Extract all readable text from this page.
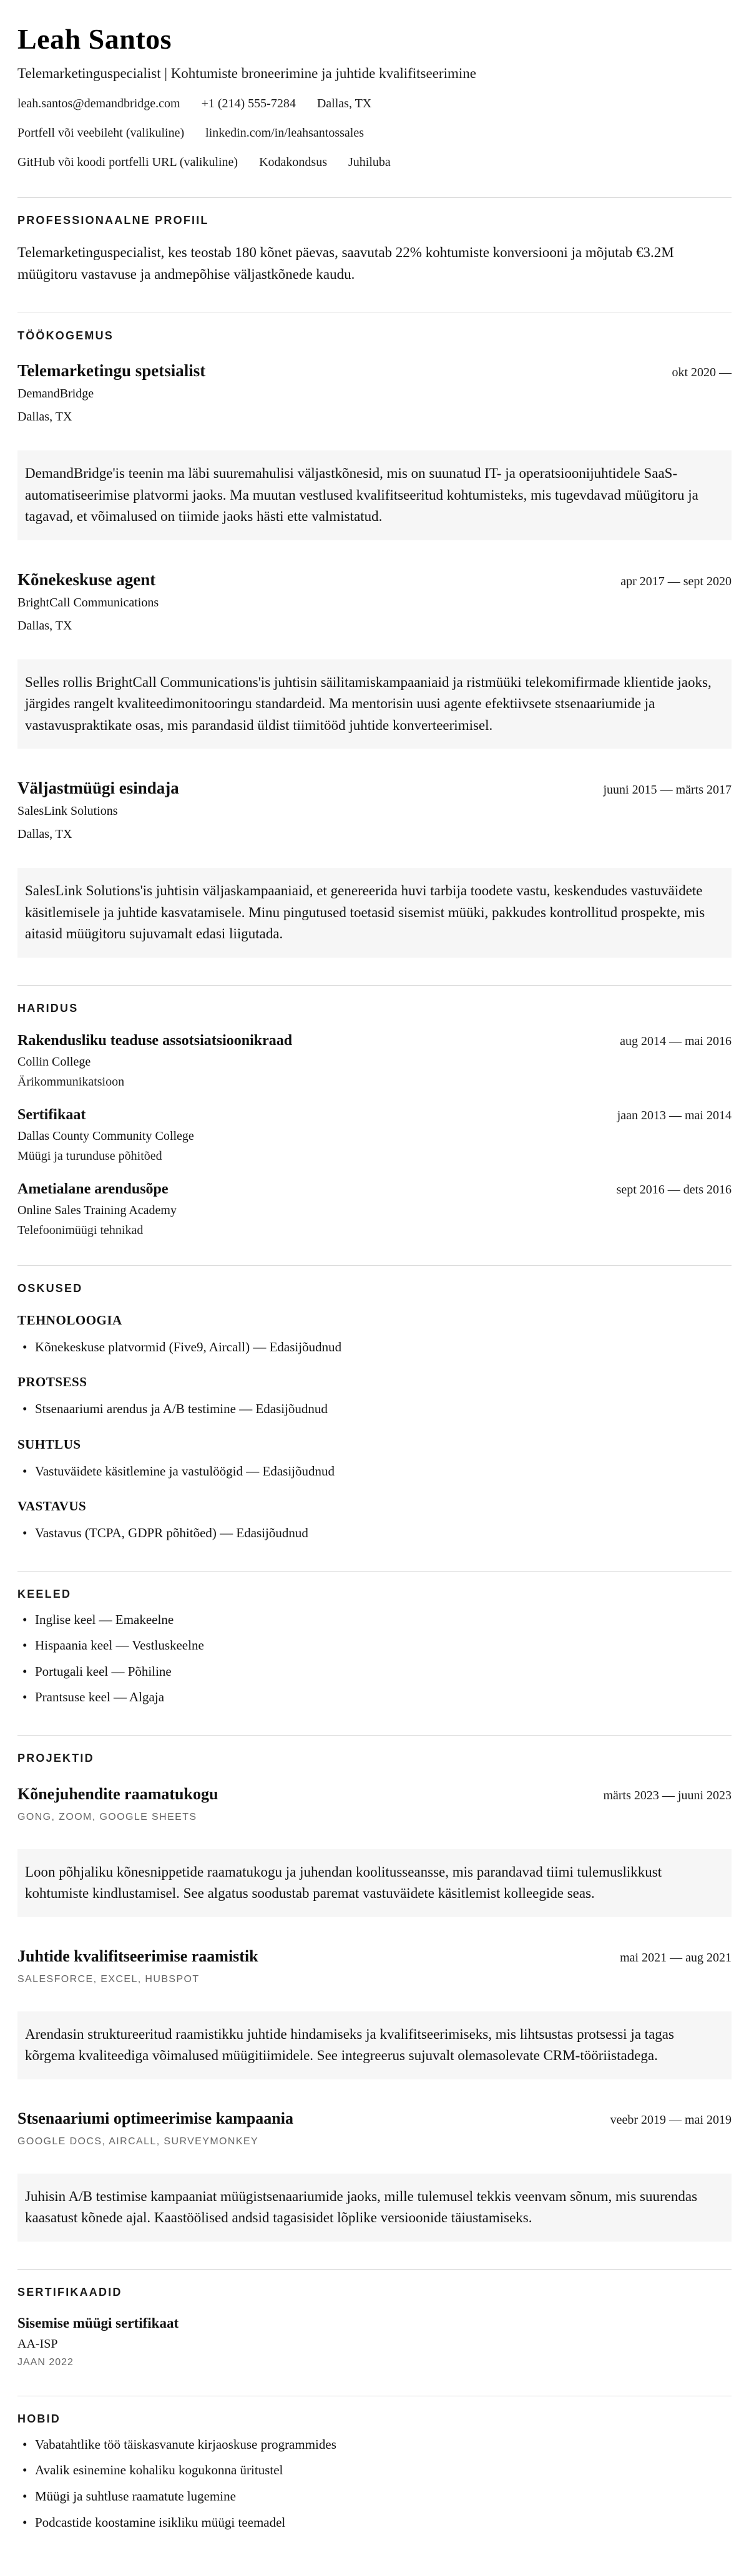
Leah Santos
Telemarketinguspecialist | Kohtumiste broneerimine ja juhtide kvalifitseerimine
leah.santos@demandbridge.com +1 (214) 555-7284 Dallas, TX
Portfell või veebileht (valikuline) linkedin.com/in/leahsantossales
GitHub või koodi portfelli URL (valikuline) Kodakondsus Juhiluba
PROFESSIONAALNE PROFIIL

Telemarketinguspecialist, kes teostab 180 kõnet päevas, saavutab 22% kohtumiste konversiooni ja mõjutab €3.2M müügitoru vastavuse ja andmepõhise väljastkõnede kaudu.

TÖÖKOGEMUS
Telemarketingu spetsialist	okt 2020 —
DemandBridge
Dallas, TX

DemandBridge'is teenin ma läbi suuremahulisi väljastkõnesid, mis on suunatud IT- ja operatsioonijuhtidele SaaS-automatiseerimise platvormi jaoks. Ma muutan vestlused kvalifitseeritud kohtumisteks, mis tugevdavad müügitoru ja tagavad, et võimalused on tiimide jaoks hästi ette valmistatud.

Kõnekeskuse agent	apr 2017 — sept 2020
BrightCall Communications
Dallas, TX

Selles rollis BrightCall Communications'is juhtisin säilitamiskampaaniaid ja ristmüüki telekomifirmade klientide jaoks, järgides rangelt kvaliteedimonitooringu standardeid. Ma mentorisin uusi agente efektiivsete stsenaariumide ja vastavuspraktikate osas, mis parandasid üldist tiimitööd juhtide konverteerimisel.

Väljastmüügi esindaja	juuni 2015 — märts 2017
SalesLink Solutions
Dallas, TX

SalesLink Solutions'is juhtisin väljaskampaaniaid, et genereerida huvi tarbija toodete vastu, keskendudes vastuväidete käsitlemisele ja juhtide kasvatamisele. Minu pingutused toetasid sisemist müüki, pakkudes kontrollitud prospekte, mis aitasid müügitoru sujuvamalt edasi liigutada.

HARIDUS
Rakendusliku teaduse assotsiatsioonikraad	aug 2014 — mai 2016
Collin College
Ärikommunikatsioon
Sertifikaat	jaan 2013 — mai 2014
Dallas County Community College
Müügi ja turunduse põhitõed
Ametialane arendusõpe	sept 2016 — dets 2016
Online Sales Training Academy
Telefoonimüügi tehnikad
OSKUSED
TEHNOLOOGIA
• Kõnekeskuse platvormid (Five9, Aircall) — Edasijõudnud
PROTSESS
• Stsenaariumi arendus ja A/B testimine — Edasijõudnud
SUHTLUS
• Vastuväidete käsitlemine ja vastulöögid — Edasijõudnud
VASTAVUS
• Vastavus (TCPA, GDPR põhitõed) — Edasijõudnud
KEELED
• Inglise keel — Emakeelne
• Hispaania keel — Vestluskeelne
• Portugali keel — Põhiline
• Prantsuse keel — Algaja
PROJEKTID
Kõnejuhendite raamatukogu	märts 2023 — juuni 2023
GONG, ZOOM, GOOGLE SHEETS

Loon põhjaliku kõnesnippetide raamatukogu ja juhendan koolitusseansse, mis parandavad tiimi tulemuslikkust kohtumiste kindlustamisel. See algatus soodustab paremat vastuväidete käsitlemist kolleegide seas.

Juhtide kvalifitseerimise raamistik	mai 2021 — aug 2021
SALESFORCE, EXCEL, HUBSPOT

Arendasin struktureeritud raamistikku juhtide hindamiseks ja kvalifitseerimiseks, mis lihtsustas protsessi ja tagas kõrgema kvaliteediga võimalused müügitiimidele. See integreerus sujuvalt olemasolevate CRM-tööriistadega.

Stsenaariumi optimeerimise kampaania	veebr 2019 — mai 2019
GOOGLE DOCS, AIRCALL, SURVEYMONKEY

Juhisin A/B testimise kampaaniat müügistsenaariumide jaoks, mille tulemusel tekkis veenvam sõnum, mis suurendas kaasatust kõnede ajal. Kaastöölised andsid tagasisidet lõplike versioonide täiustamiseks.

SERTIFIKAADID
Sisemise müügi sertifikaat
AA-ISP
JAAN 2022
HOBID
• Vabatahtlike töö täiskasvanute kirjaoskuse programmides
• Avalik esinemine kohaliku kogukonna üritustel
• Müügi ja suhtluse raamatute lugemine
• Podcastide koostamine isikliku müügi teemadel
